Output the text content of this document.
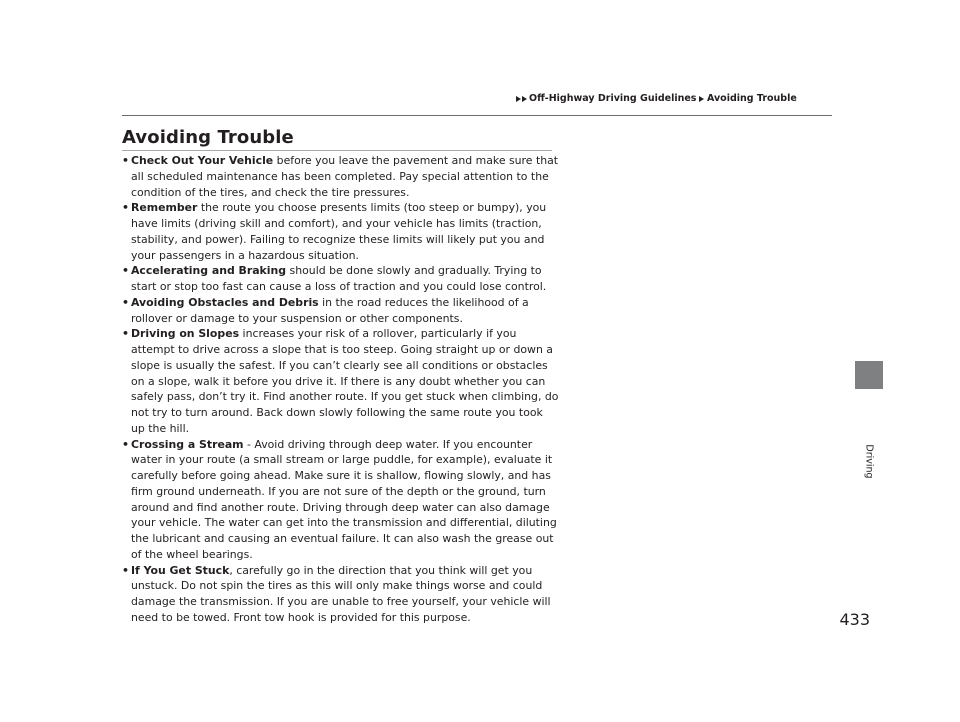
Off-Highway Driving Guidelines Avoiding Trouble
Driving
Avoiding Trouble
• Check Out Your Vehicle before you leave the pavement and make sure that all scheduled maintenance has been completed. Pay special attention to the condition of the tires, and check the tire pressures.
• Remember the route you choose presents limits (too steep or bumpy), you have limits (driving skill and comfort), and your vehicle has limits (traction, stability, and power). Failing to recognize these limits will likely put you and your passengers in a hazardous situation.
• Accelerating and Braking should be done slowly and gradually. Trying to start or stop too fast can cause a loss of traction and you could lose control.
• Avoiding Obstacles and Debris in the road reduces the likelihood of a rollover or damage to your suspension or other components.
• Driving on Slopes increases your risk of a rollover, particularly if you attempt to drive across a slope that is too steep. Going straight up or down a slope is usually the safest. If you can’t clearly see all conditions or obstacles on a slope, walk it before you drive it. If there is any doubt whether you can safely pass, don’t try it. Find another route. If you get stuck when climbing, do not try to turn around. Back down slowly following the same route you took up the hill.
• Crossing a Stream - Avoid driving through deep water. If you encounter water in your route (a small stream or large puddle, for example), evaluate it carefully before going ahead. Make sure it is shallow, flowing slowly, and has firm ground underneath. If you are not sure of the depth or the ground, turn around and find another route. Driving through deep water can also damage your vehicle. The water can get into the transmission and differential, diluting the lubricant and causing an eventual failure. It can also wash the grease out of the wheel bearings.
• If You Get Stuck, carefully go in the direction that you think will get you unstuck. Do not spin the tires as this will only make things worse and could damage the transmission. If you are unable to free yourself, your vehicle will need to be towed. Front tow hook is provided for this purpose.	433
